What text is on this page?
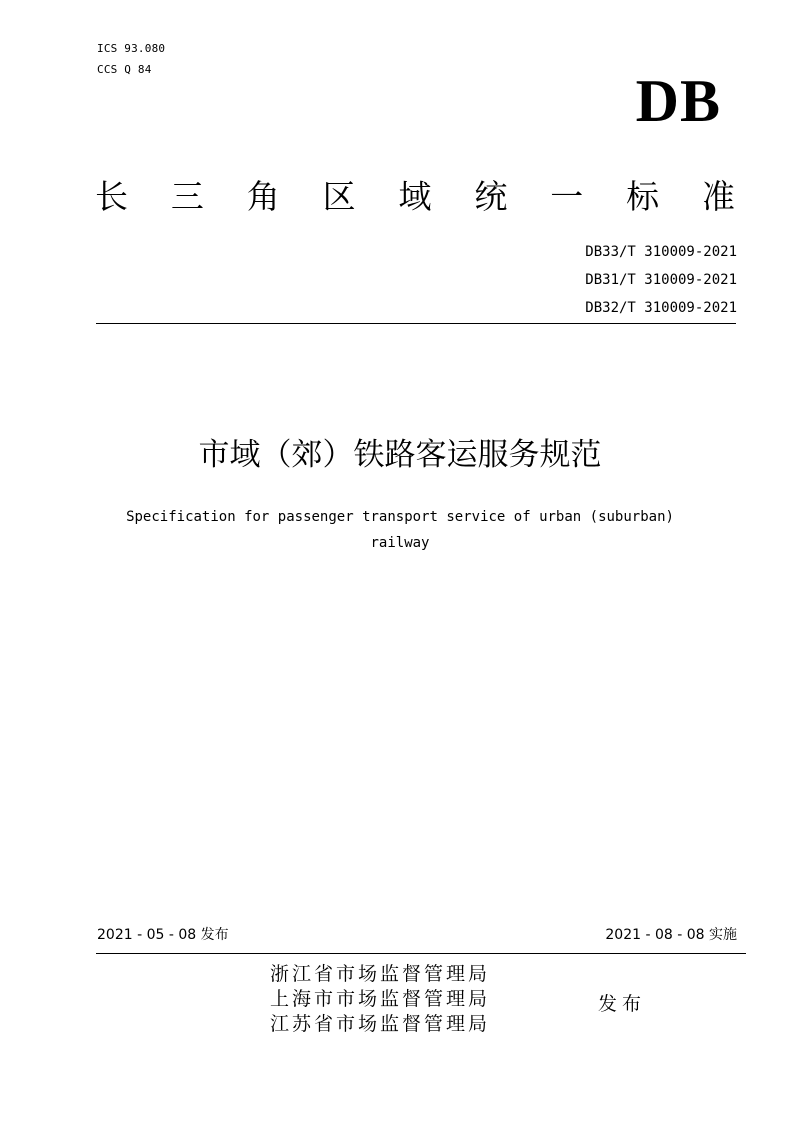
ICS 93.080
CCS Q 84	DB
长 三 角 区 域 统 一 标 准
DB33/T 310009-2021
DB31/T 310009-2021
DB32/T 310009-2021
市域（郊）铁路客运服务规范
Specification for passenger transport service of urban (suburban)
railway
2021 - 05 - 08 发布	2021 - 08 - 08 实施
浙江省市场监督管理局
上海市市场监督管理局
江苏省市场监督管理局
发布
